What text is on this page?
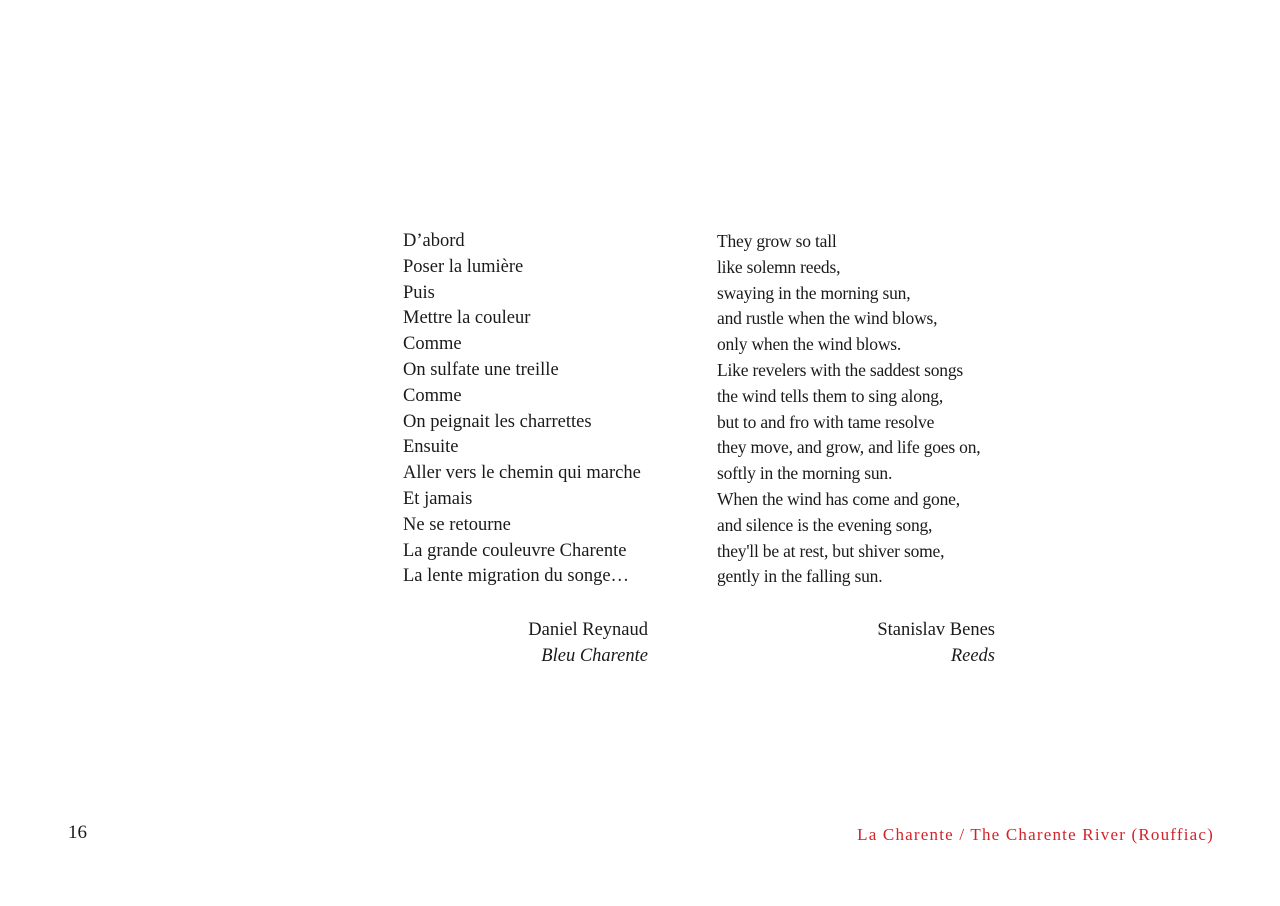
D’abord
Poser la lumière
Puis
Mettre la couleur
Comme
On sulfate une treille
Comme
On peignait les charrettes
Ensuite
Aller vers le chemin qui marche
Et jamais
Ne se retourne
La grande couleuvre Charente
La lente migration du songe…
They grow so tall
like solemn reeds,
swaying in the morning sun,
and rustle when the wind blows,
only when the wind blows.
Like revelers with the saddest songs
the wind tells them to sing along,
but to and fro with tame resolve
they move, and grow, and life goes on,
softly in the morning sun.
When the wind has come and gone,
and silence is the evening song,
they'll be at rest, but shiver some,
gently in the falling sun.
Daniel Reynaud
Bleu Charente
Stanislav Benes
Reeds
16	La Charente / The Charente River (Rouffiac)
